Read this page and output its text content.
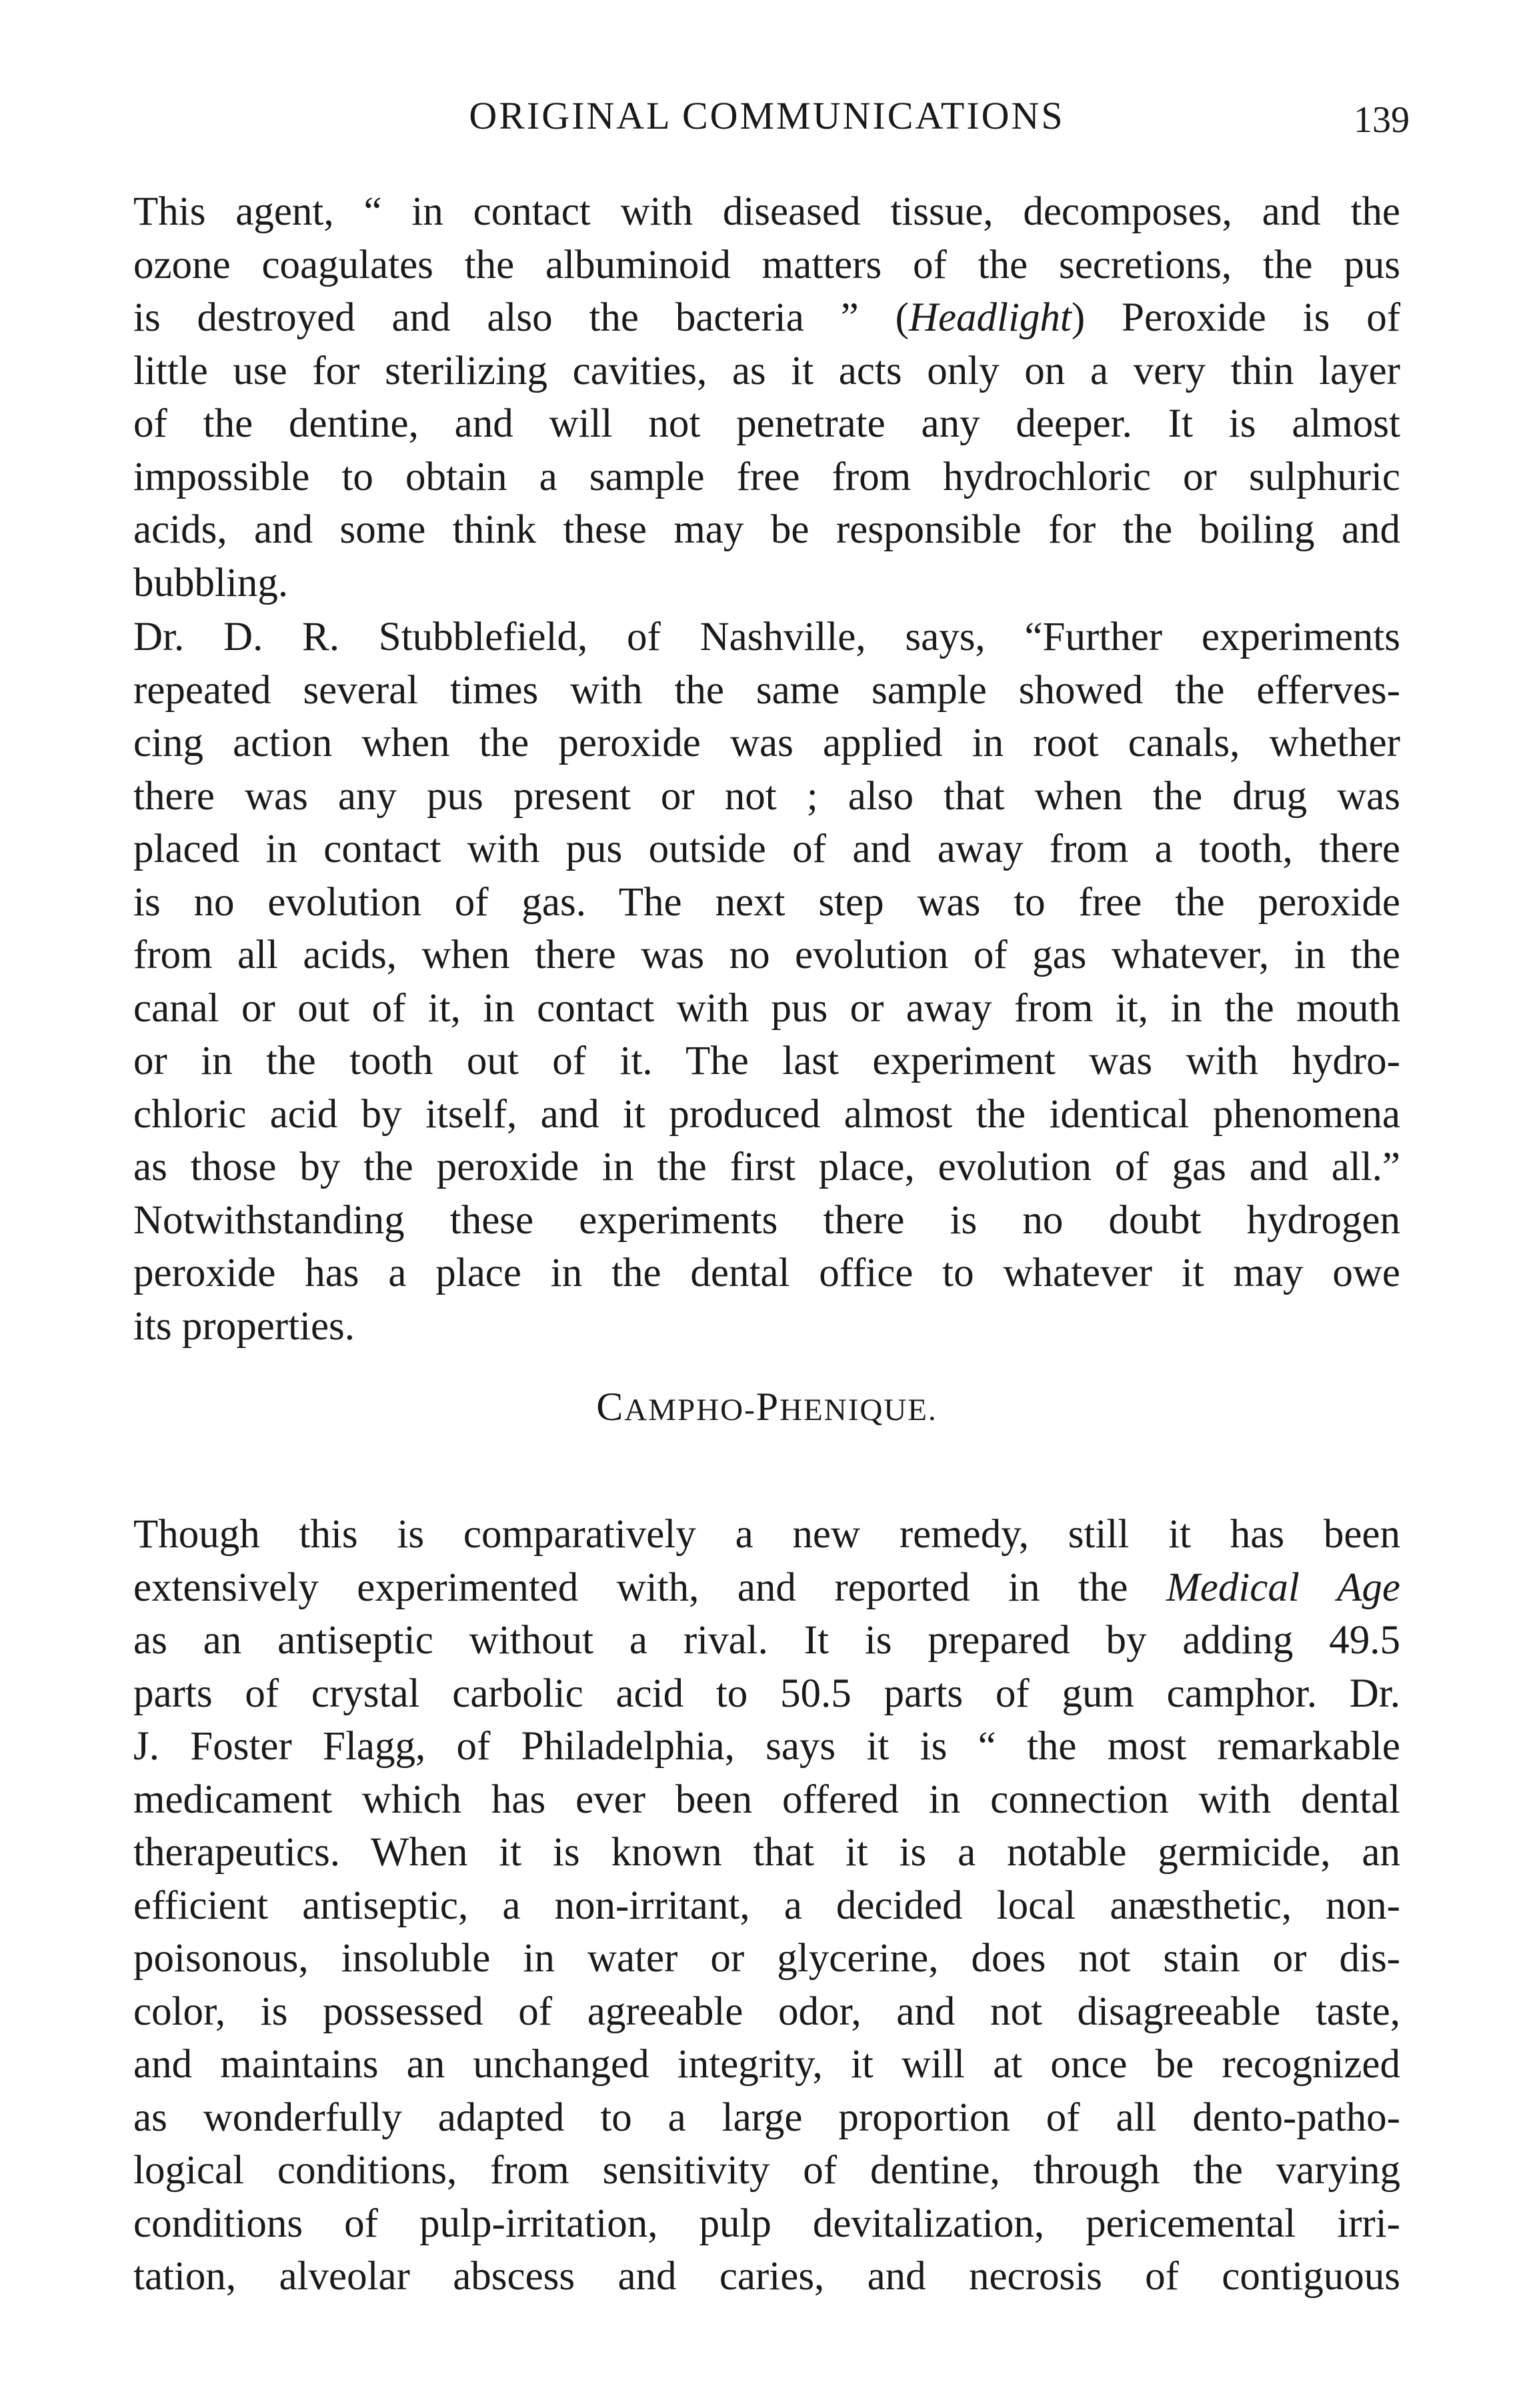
ORIGINAL COMMUNICATIONS	139
This agent, “ in contact with diseased tissue, decomposes, and the
ozone coagulates the albuminoid matters of the secretions, the pus
is destroyed and also the bacteria ” (Headlight) Peroxide is of
little use for sterilizing cavities, as it acts only on a very thin layer
of the dentine, and will not penetrate any deeper. It is almost
impossible to obtain a sample free from hydrochloric or sulphuric
acids, and some think these may be responsible for the boiling and
bubbling.
Dr. D. R. Stubblefield, of Nashville, says, “Further experiments
repeated several times with the same sample showed the efferves-
cing action when the peroxide was applied in root canals, whether
there was any pus present or not ; also that when the drug was
placed in contact with pus outside of and away from a tooth, there
is no evolution of gas. The next step was to free the peroxide
from all acids, when there was no evolution of gas whatever, in the
canal or out of it, in contact with pus or away from it, in the mouth
or in the tooth out of it. The last experiment was with hydro-
chloric acid by itself, and it produced almost the identical phenomena
as those by the peroxide in the first place, evolution of gas and all.”
Notwithstanding these experiments there is no doubt hydrogen
peroxide has a place in the dental office to whatever it may owe
its properties.
CAMPHO-PHENIQUE.
Though this is comparatively a new remedy, still it has been
extensively experimented with, and reported in the Medical Age
as an antiseptic without a rival. It is prepared by adding 49.5
parts of crystal carbolic acid to 50.5 parts of gum camphor. Dr.
J. Foster Flagg, of Philadelphia, says it is “ the most remarkable
medicament which has ever been offered in connection with dental
therapeutics. When it is known that it is a notable germicide, an
efficient antiseptic, a non-irritant, a decided local anæsthetic, non-
poisonous, insoluble in water or glycerine, does not stain or dis-
color, is possessed of agreeable odor, and not disagreeable taste,
and maintains an unchanged integrity, it will at once be recognized
as wonderfully adapted to a large proportion of all dento-patho-
logical conditions, from sensitivity of dentine, through the varying
conditions of pulp-irritation, pulp devitalization, pericemental irri-
tation, alveolar abscess and caries, and necrosis of contiguous
